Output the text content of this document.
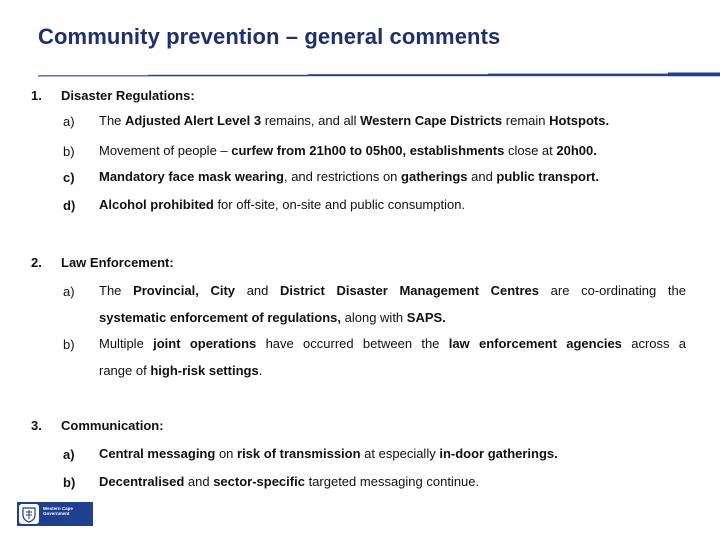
Community prevention – general comments
1. Disaster Regulations:
a) The Adjusted Alert Level 3 remains, and all Western Cape Districts remain Hotspots.
b) Movement of people – curfew from 21h00 to 05h00, establishments close at 20h00.
c) Mandatory face mask wearing, and restrictions on gatherings and public transport.
d) Alcohol prohibited for off-site, on-site and public consumption.
2. Law Enforcement:
a) The Provincial, City and District Disaster Management Centres are co-ordinating the
systematic enforcement of regulations, along with SAPS.
b) Multiple joint operations have occurred between the law enforcement agencies across a
range of high-risk settings.
3. Communication:
a) Central messaging on risk of transmission at especially in-door gatherings.
b) Decentralised and sector-specific targeted messaging continue.
Western Cape
Government
